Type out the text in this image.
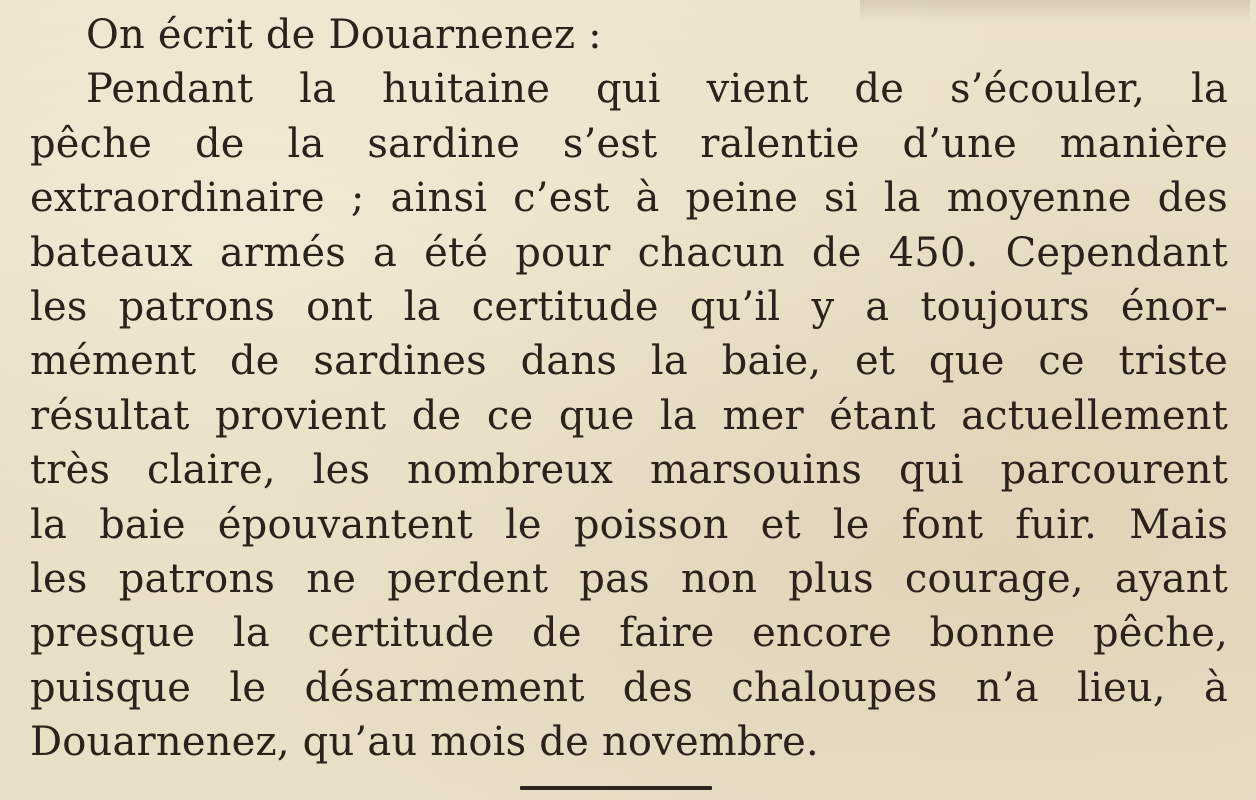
On écrit de Douarnenez :
Pendant la huitaine qui vient de s’écouler, la
pêche de la sardine s’est ralentie d’une manière
extraordinaire ; ainsi c’est à peine si la moyenne des
bateaux armés a été pour chacun de 450. Cependant
les patrons ont la certitude qu’il y a toujours énor-
mément de sardines dans la baie, et que ce triste
résultat provient de ce que la mer étant actuellement
très claire, les nombreux marsouins qui parcourent
la baie épouvantent le poisson et le font fuir. Mais
les patrons ne perdent pas non plus courage, ayant
presque la certitude de faire encore bonne pêche,
puisque le désarmement des chaloupes n’a lieu, à
Douarnenez, qu’au mois de novembre.
